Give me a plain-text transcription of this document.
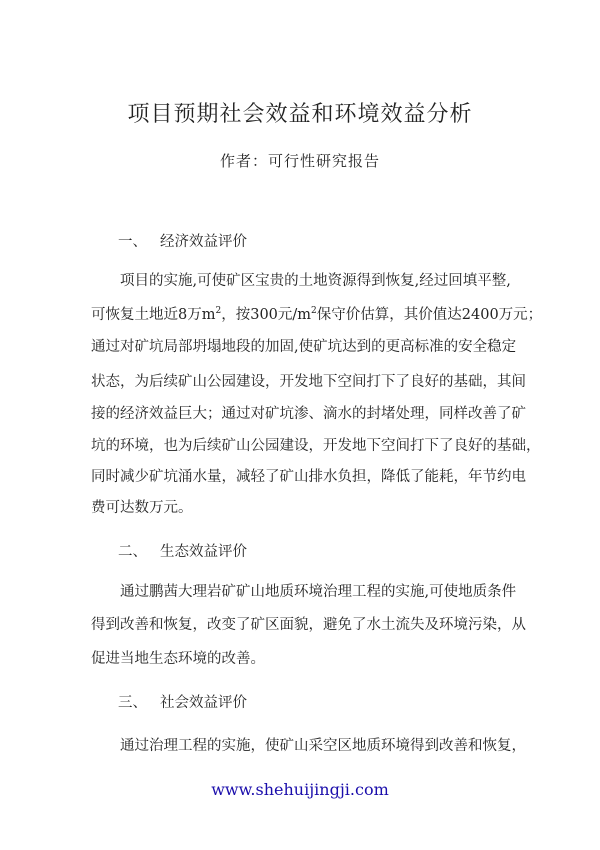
项目预期社会效益和环境效益分析
作者：可行性研究报告
一、 经济效益评价
项目的实施,可使矿区宝贵的土地资源得到恢复,经过回填平整,
可恢复土地近8万$m^2$，按300元$/m^2$保守价估算，其价值达2400万元；
通过对矿坑局部坍塌地段的加固,使矿坑达到的更高标准的安全稳定
状态，为后续矿山公园建设，开发地下空间打下了良好的基础，其间
接的经济效益巨大；通过对矿坑渗、滴水的封堵处理，同样改善了矿
坑的环境，也为后续矿山公园建设，开发地下空间打下了良好的基础，
同时减少矿坑涌水量，减轻了矿山排水负担，降低了能耗，年节约电
费可达数万元。
二、 生态效益评价
通过鹏茜大理岩矿矿山地质环境治理工程的实施,可使地质条件
得到改善和恢复，改变了矿区面貌，避免了水土流失及环境污染，从
促进当地生态环境的改善。
三、 社会效益评价
通过治理工程的实施，使矿山采空区地质环境得到改善和恢复，
www.shehuijingji.com
